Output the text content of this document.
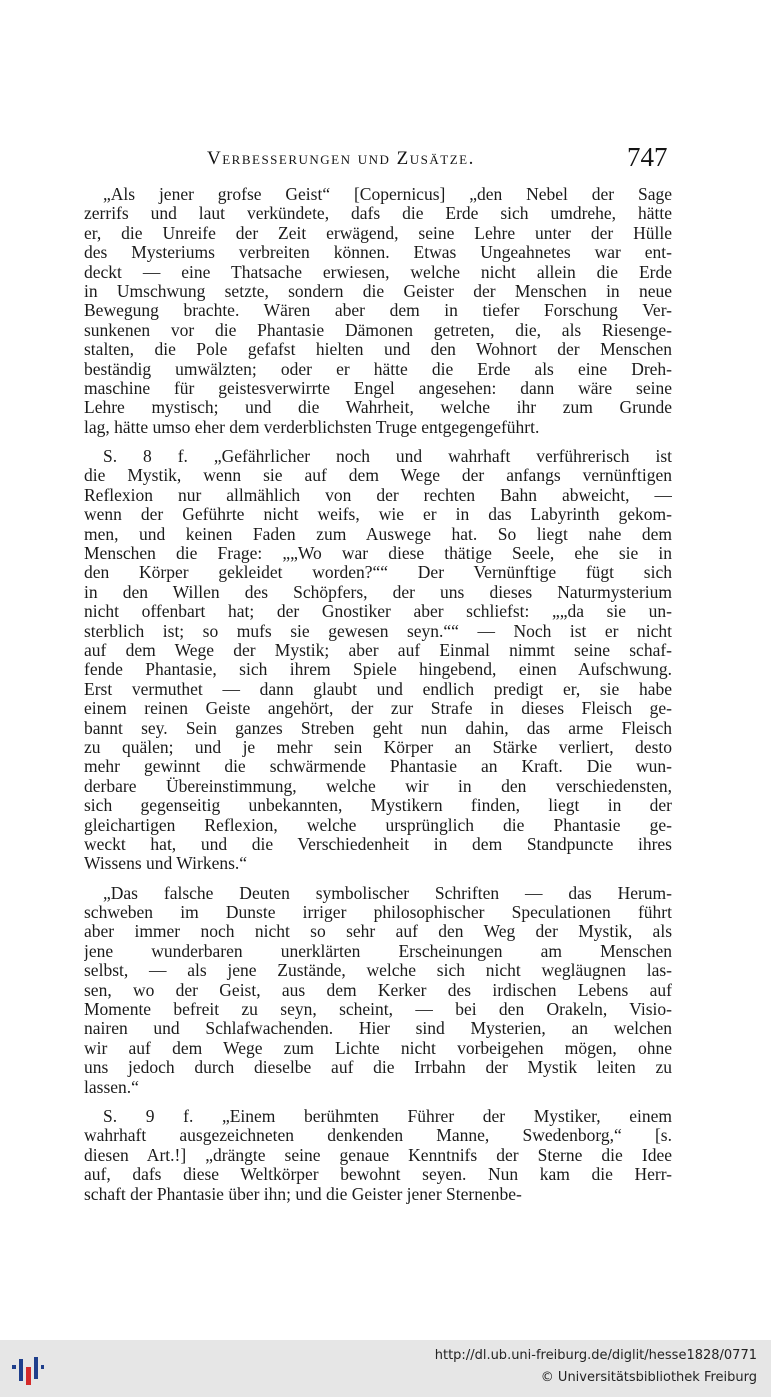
Verbesserungen und Zusätze.	747
„Als jener grofse Geist“ [Copernicus] „den Nebel der Sage
zerrifs und laut verkündete, dafs die Erde sich umdrehe, hätte
er, die Unreife der Zeit erwägend, seine Lehre unter der Hülle
des Mysteriums verbreiten können. Etwas Ungeahnetes war ent-
deckt — eine Thatsache erwiesen, welche nicht allein die Erde
in Umschwung setzte, sondern die Geister der Menschen in neue
Bewegung brachte. Wären aber dem in tiefer Forschung Ver-
sunkenen vor die Phantasie Dämonen getreten, die, als Riesenge-
stalten, die Pole gefafst hielten und den Wohnort der Menschen
beständig umwälzten; oder er hätte die Erde als eine Dreh-
maschine für geistesverwirrte Engel angesehen: dann wäre seine
Lehre mystisch; und die Wahrheit, welche ihr zum Grunde
lag, hätte umso eher dem verderblichsten Truge entgegengeführt.
S. 8 f. „Gefährlicher noch und wahrhaft verführerisch ist
die Mystik, wenn sie auf dem Wege der anfangs vernünftigen
Reflexion nur allmählich von der rechten Bahn abweicht, —
wenn der Geführte nicht weifs, wie er in das Labyrinth gekom-
men, und keinen Faden zum Auswege hat. So liegt nahe dem
Menschen die Frage: „„Wo war diese thätige Seele, ehe sie in
den Körper gekleidet worden?““ Der Vernünftige fügt sich
in den Willen des Schöpfers, der uns dieses Naturmysterium
nicht offenbart hat; der Gnostiker aber schliefst: „„da sie un-
sterblich ist; so mufs sie gewesen seyn.““ — Noch ist er nicht
auf dem Wege der Mystik; aber auf Einmal nimmt seine schaf-
fende Phantasie, sich ihrem Spiele hingebend, einen Aufschwung.
Erst vermuthet — dann glaubt und endlich predigt er, sie habe
einem reinen Geiste angehört, der zur Strafe in dieses Fleisch ge-
bannt sey. Sein ganzes Streben geht nun dahin, das arme Fleisch
zu quälen; und je mehr sein Körper an Stärke verliert, desto
mehr gewinnt die schwärmende Phantasie an Kraft. Die wun-
derbare Übereinstimmung, welche wir in den verschiedensten,
sich gegenseitig unbekannten, Mystikern finden, liegt in der
gleichartigen Reflexion, welche ursprünglich die Phantasie ge-
weckt hat, und die Verschiedenheit in dem Standpuncte ihres
Wissens und Wirkens.“
„Das falsche Deuten symbolischer Schriften — das Herum-
schweben im Dunste irriger philosophischer Speculationen führt
aber immer noch nicht so sehr auf den Weg der Mystik, als
jene wunderbaren unerklärten Erscheinungen am Menschen
selbst, — als jene Zustände, welche sich nicht wegläugnen las-
sen, wo der Geist, aus dem Kerker des irdischen Lebens auf
Momente befreit zu seyn, scheint, — bei den Orakeln, Visio-
nairen und Schlafwachenden. Hier sind Mysterien, an welchen
wir auf dem Wege zum Lichte nicht vorbeigehen mögen, ohne
uns jedoch durch dieselbe auf die Irrbahn der Mystik leiten zu
lassen.“
S. 9 f. „Einem berühmten Führer der Mystiker, einem
wahrhaft ausgezeichneten denkenden Manne, Swedenborg,“ [s.
diesen Art.!] „drängte seine genaue Kenntnifs der Sterne die Idee
auf, dafs diese Weltkörper bewohnt seyen. Nun kam die Herr-
schaft der Phantasie über ihn; und die Geister jener Sternenbe-
http://dl.ub.uni-freiburg.de/diglit/hesse1828/0771
© Universitätsbibliothek Freiburg
